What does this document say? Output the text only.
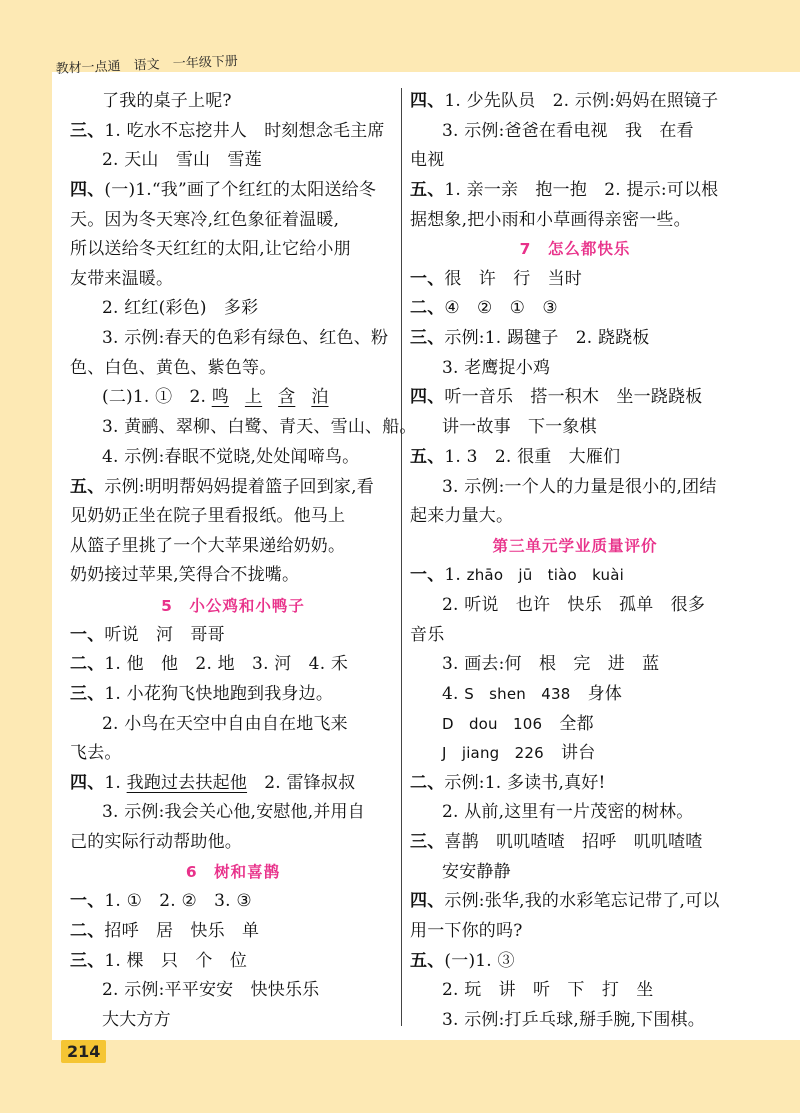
教材一点通 语文 一年级下册
了我的桌子上呢?
三、1. 吃水不忘挖井人　时刻想念毛主席
2. 天山　雪山　雪莲
四、(一)1.“我”画了个红红的太阳送给冬
天。因为冬天寒冷,红色象征着温暖,
所以送给冬天红红的太阳,让它给小朋
友带来温暖。
2. 红红(彩色)　多彩
3. 示例:春天的色彩有绿色、红色、粉
色、白色、黄色、紫色等。
(二)1. ①　2. 鸣 上 含 泊
3. 黄鹂、翠柳、白鹭、青天、雪山、船。
4. 示例:春眠不觉晓,处处闻啼鸟。
五、示例:明明帮妈妈提着篮子回到家,看
见奶奶正坐在院子里看报纸。他马上
从篮子里挑了一个大苹果递给奶奶。
奶奶接过苹果,笑得合不拢嘴。
5　小公鸡和小鸭子
一、听说　河　哥哥
二、1. 他　他　2. 地　3. 河　4. 禾
三、1. 小花狗飞快地跑到我身边。
2. 小鸟在天空中自由自在地飞来
飞去。
四、1. 我跑过去扶起他　2. 雷锋叔叔
3. 示例:我会关心他,安慰他,并用自
己的实际行动帮助他。
6　树和喜鹊
一、1. ①　2. ②　3. ③
二、招呼　居　快乐　单
三、1. 棵　只　个　位
2. 示例:平平安安　快快乐乐
大大方方
四、1. 少先队员　2. 示例:妈妈在照镜子
3. 示例:爸爸在看电视　我　在看
电视
五、1. 亲一亲　抱一抱　2. 提示:可以根
据想象,把小雨和小草画得亲密一些。
7　怎么都快乐
一、很　许　行　当时
二、④　②　①　③
三、示例:1. 踢毽子　2. 跷跷板
3. 老鹰捉小鸡
四、听一音乐　搭一积木　坐一跷跷板
讲一故事　下一象棋
五、1. 3　2. 很重　大雁们
3. 示例:一个人的力量是很小的,团结
起来力量大。
第三单元学业质量评价
一、1. zhāo　jū　tiào　kuài
2. 听说　也许　快乐　孤单　很多
音乐
3. 画去:何　根　完　进　蓝
4. S　shen　438　身体
D　dou　106　全都
J　jiang　226　讲台
二、示例:1. 多读书,真好!
2. 从前,这里有一片茂密的树林。
三、喜鹊　叽叽喳喳　招呼　叽叽喳喳
安安静静
四、示例:张华,我的水彩笔忘记带了,可以
用一下你的吗?
五、(一)1. ③
2. 玩　讲　听　下　打　坐
3. 示例:打乒乓球,掰手腕,下围棋。
214
